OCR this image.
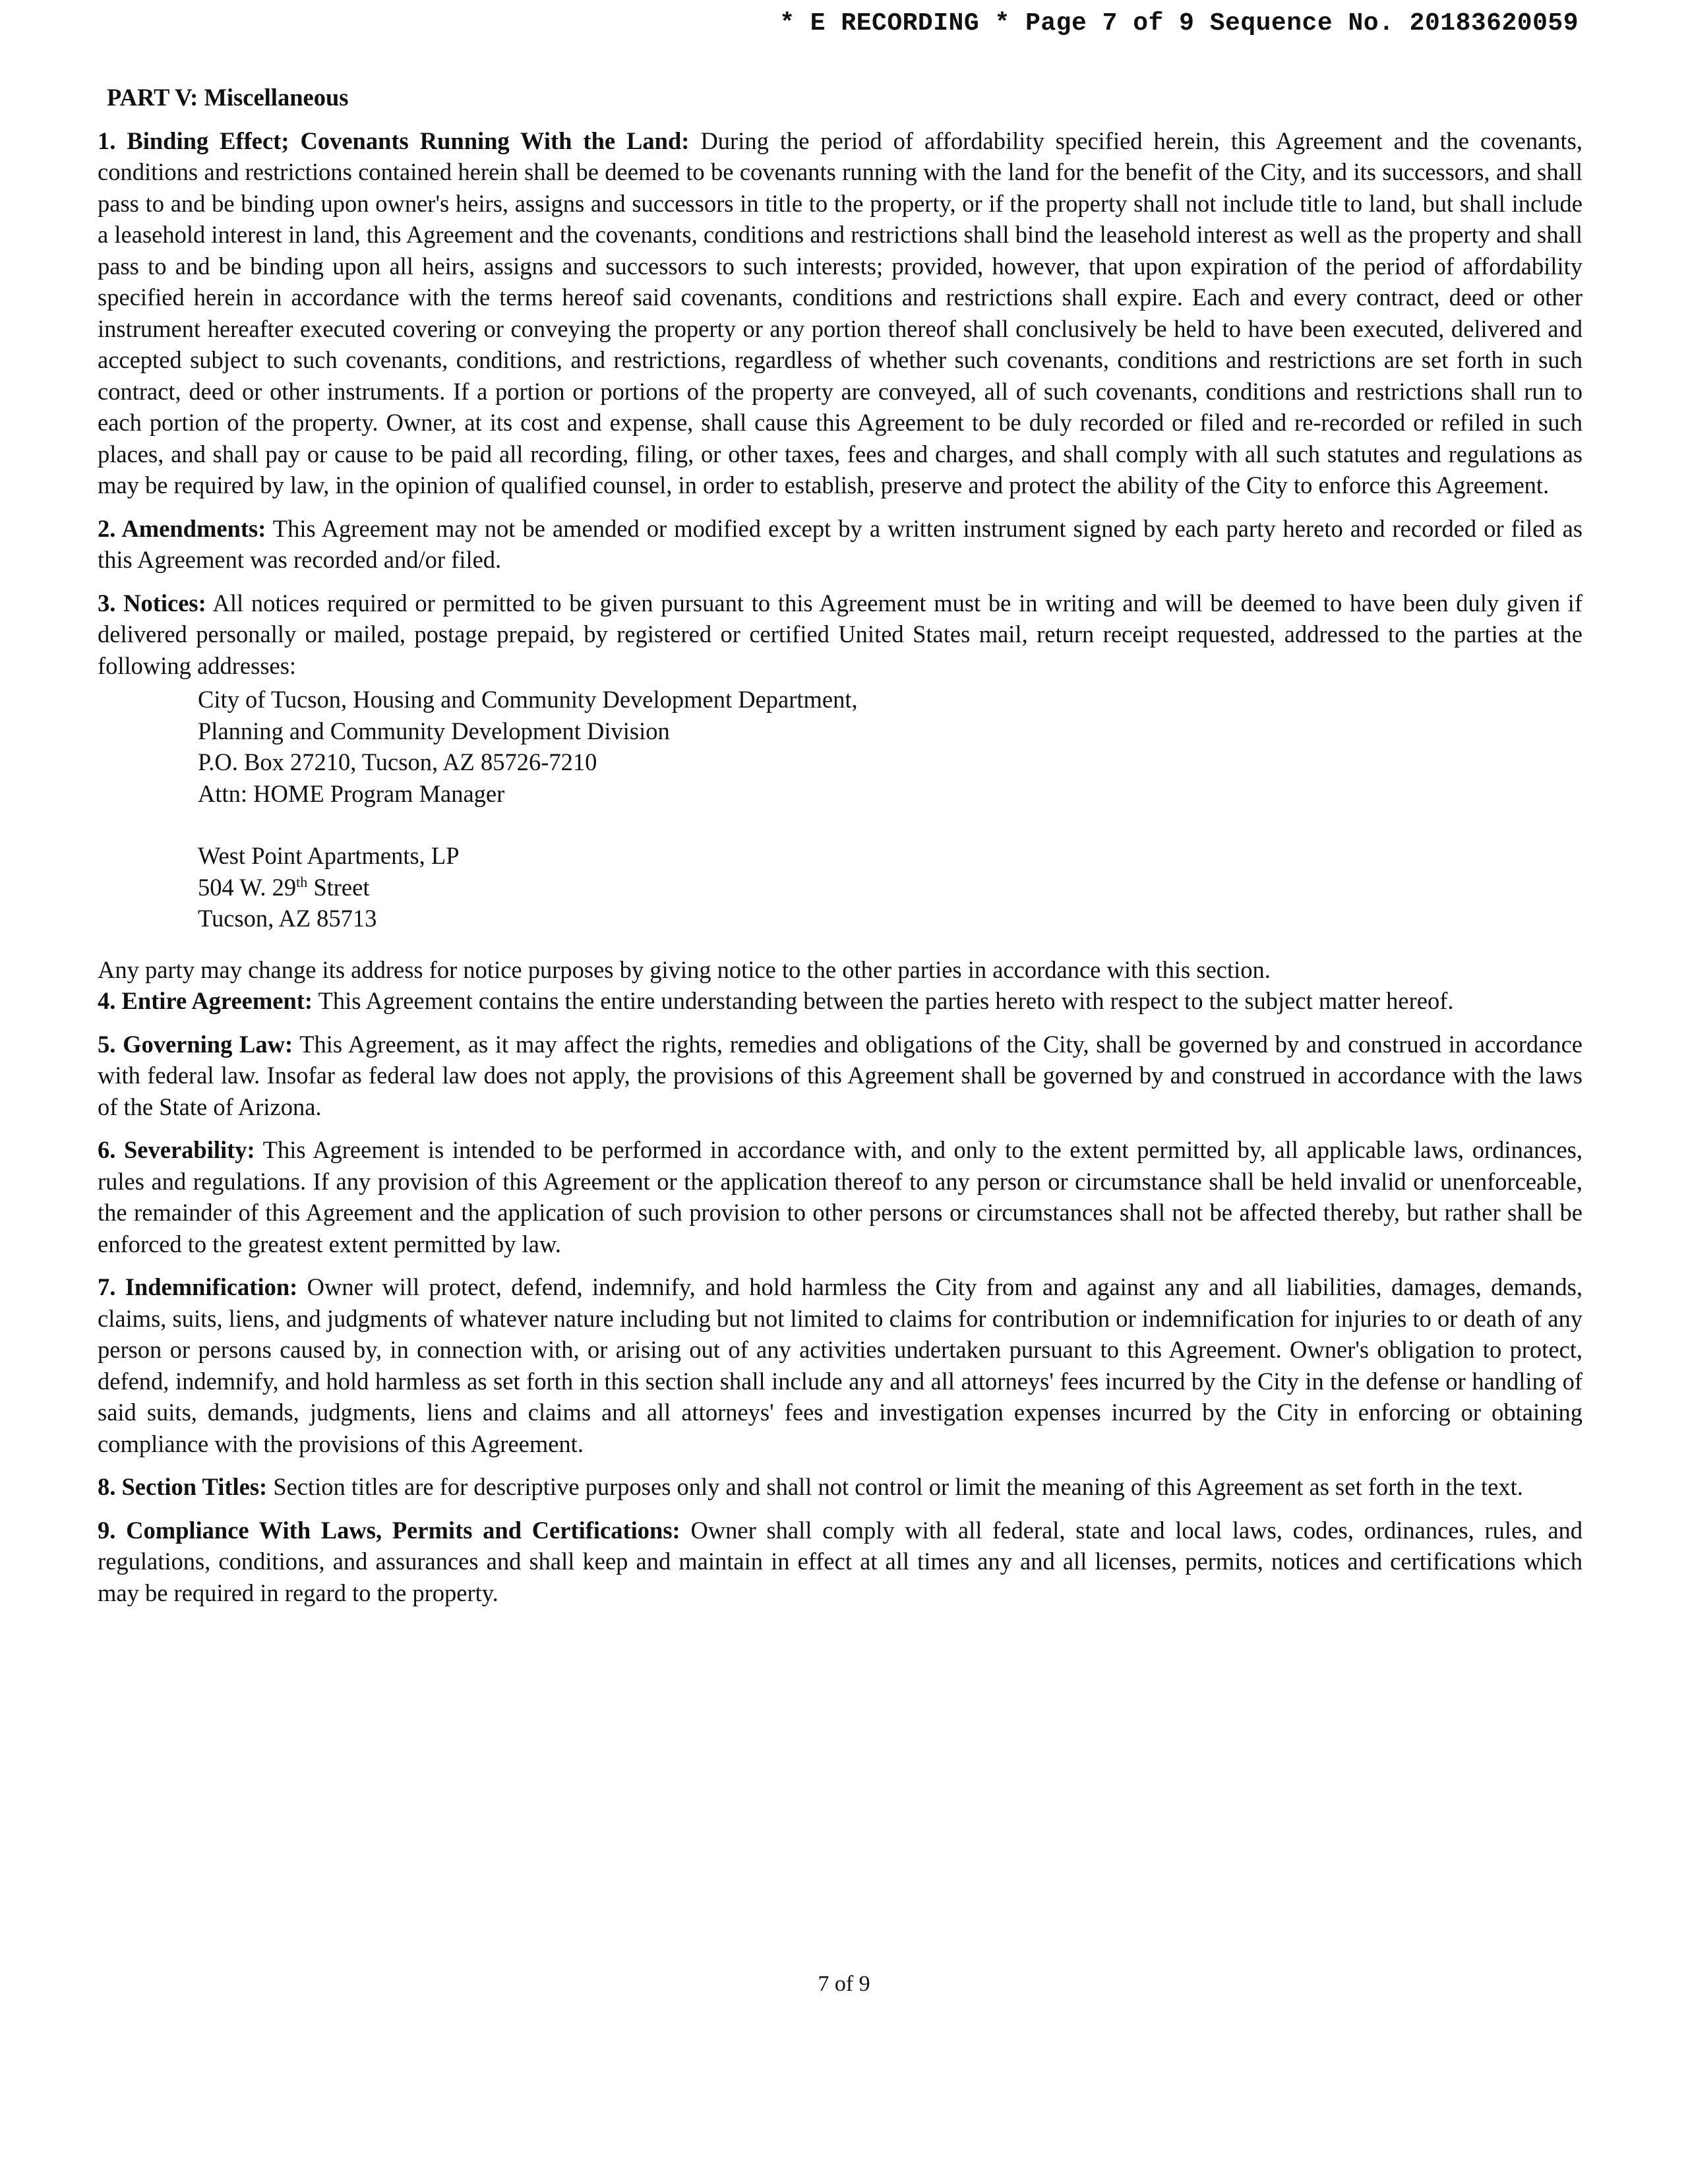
* E RECORDING * Page 7 of 9 Sequence No. 20183620059
PART V: Miscellaneous
1. Binding Effect; Covenants Running With the Land: During the period of affordability specified herein, this Agreement and the covenants, conditions and restrictions contained herein shall be deemed to be covenants running with the land for the benefit of the City, and its successors, and shall pass to and be binding upon owner's heirs, assigns and successors in title to the property, or if the property shall not include title to land, but shall include a leasehold interest in land, this Agreement and the covenants, conditions and restrictions shall bind the leasehold interest as well as the property and shall pass to and be binding upon all heirs, assigns and successors to such interests; provided, however, that upon expiration of the period of affordability specified herein in accordance with the terms hereof said covenants, conditions and restrictions shall expire. Each and every contract, deed or other instrument hereafter executed covering or conveying the property or any portion thereof shall conclusively be held to have been executed, delivered and accepted subject to such covenants, conditions, and restrictions, regardless of whether such covenants, conditions and restrictions are set forth in such contract, deed or other instruments. If a portion or portions of the property are conveyed, all of such covenants, conditions and restrictions shall run to each portion of the property. Owner, at its cost and expense, shall cause this Agreement to be duly recorded or filed and re-recorded or refiled in such places, and shall pay or cause to be paid all recording, filing, or other taxes, fees and charges, and shall comply with all such statutes and regulations as may be required by law, in the opinion of qualified counsel, in order to establish, preserve and protect the ability of the City to enforce this Agreement.
2. Amendments: This Agreement may not be amended or modified except by a written instrument signed by each party hereto and recorded or filed as this Agreement was recorded and/or filed.
3. Notices: All notices required or permitted to be given pursuant to this Agreement must be in writing and will be deemed to have been duly given if delivered personally or mailed, postage prepaid, by registered or certified United States mail, return receipt requested, addressed to the parties at the following addresses:
City of Tucson, Housing and Community Development Department,
Planning and Community Development Division
P.O. Box 27210, Tucson, AZ 85726-7210
Attn: HOME Program Manager
West Point Apartments, LP
504 W. 29th Street
Tucson, AZ 85713
Any party may change its address for notice purposes by giving notice to the other parties in accordance with this section.
4. Entire Agreement: This Agreement contains the entire understanding between the parties hereto with respect to the subject matter hereof.
5. Governing Law: This Agreement, as it may affect the rights, remedies and obligations of the City, shall be governed by and construed in accordance with federal law. Insofar as federal law does not apply, the provisions of this Agreement shall be governed by and construed in accordance with the laws of the State of Arizona.
6. Severability: This Agreement is intended to be performed in accordance with, and only to the extent permitted by, all applicable laws, ordinances, rules and regulations. If any provision of this Agreement or the application thereof to any person or circumstance shall be held invalid or unenforceable, the remainder of this Agreement and the application of such provision to other persons or circumstances shall not be affected thereby, but rather shall be enforced to the greatest extent permitted by law.
7. Indemnification: Owner will protect, defend, indemnify, and hold harmless the City from and against any and all liabilities, damages, demands, claims, suits, liens, and judgments of whatever nature including but not limited to claims for contribution or indemnification for injuries to or death of any person or persons caused by, in connection with, or arising out of any activities undertaken pursuant to this Agreement. Owner's obligation to protect, defend, indemnify, and hold harmless as set forth in this section shall include any and all attorneys' fees incurred by the City in the defense or handling of said suits, demands, judgments, liens and claims and all attorneys' fees and investigation expenses incurred by the City in enforcing or obtaining compliance with the provisions of this Agreement.
8. Section Titles: Section titles are for descriptive purposes only and shall not control or limit the meaning of this Agreement as set forth in the text.
9. Compliance With Laws, Permits and Certifications: Owner shall comply with all federal, state and local laws, codes, ordinances, rules, and regulations, conditions, and assurances and shall keep and maintain in effect at all times any and all licenses, permits, notices and certifications which may be required in regard to the property.
7 of 9
